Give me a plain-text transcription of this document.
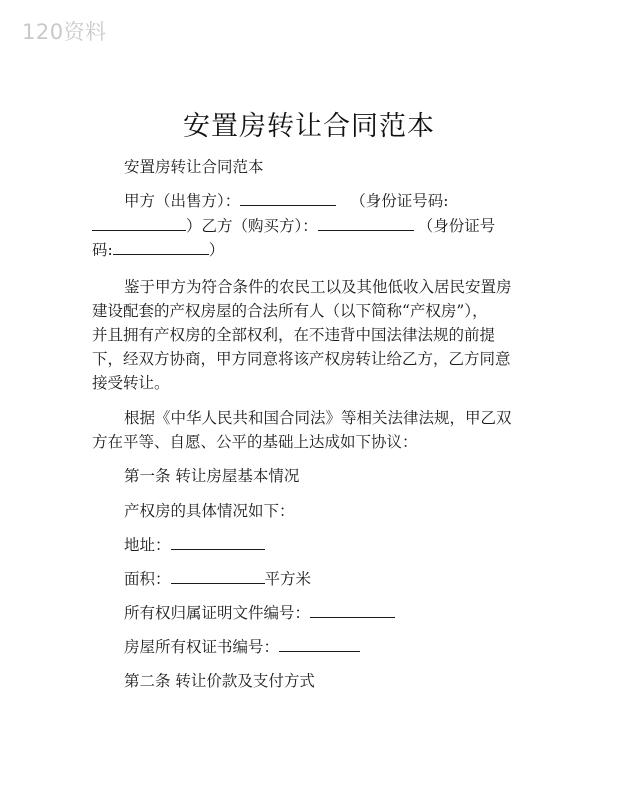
120资料
安置房转让合同范本
安置房转让合同范本
甲方（出售方）：	（身份证号码:
）乙方（购买方）：	（身份证号
码:	）
鉴于甲方为符合条件的农民工以及其他低收入居民安置房
建设配套的产权房屋的合法所有人（以下简称“产权房”），
并且拥有产权房的全部权利，在不违背中国法律法规的前提
下，经双方协商，甲方同意将该产权房转让给乙方，乙方同意
接受转让。
根据《中华人民共和国合同法》等相关法律法规，甲乙双
方在平等、自愿、公平的基础上达成如下协议：
第一条 转让房屋基本情况
产权房的具体情况如下：
地址：
面积：	平方米
所有权归属证明文件编号：
房屋所有权证书编号：
第二条 转让价款及支付方式
